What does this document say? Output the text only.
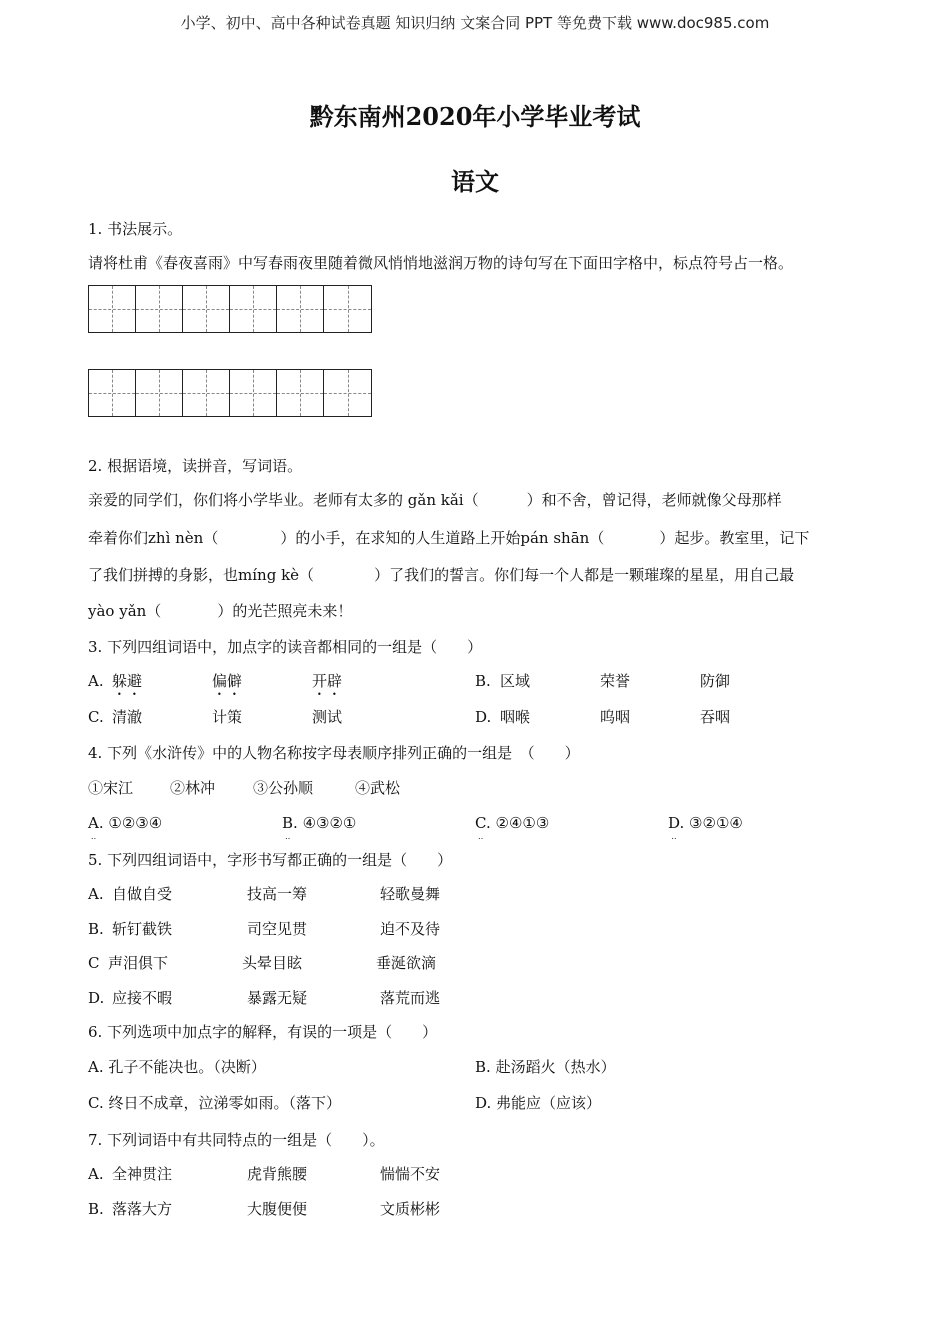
小学、初中、高中各种试卷真题 知识归纳 文案合同 PPT 等免费下载 www.doc985.com
黔东南州2020年小学毕业考试
语文
1. 书法展示。
请将杜甫《春夜喜雨》中写春雨夜里随着微风悄悄地滋润万物的诗句写在下面田字格中，标点符号占一格。
2. 根据语境，读拼音，写词语。
亲爱的同学们，你们将小学毕业。老师有太多的 gǎn kǎi（	）和不舍，曾记得，老师就像父母那样
牵着你们zhì nèn（	）的小手，在求知的人生道路上开始pán shān（	）起步。教室里，记下
了我们拼搏的身影，也míng kè（	）了我们的誓言。你们每一个人都是一颗璀璨的星星，用自己最
yào yǎn（	）的光芒照亮未来！
3. 下列四组词语中，加点字的读音都相同的一组是（　　）
A. 躲避	偏僻	开辟	B. 区域	荣誉	防御
C. 清澈	计策	测试	D. 咽喉	呜咽	吞咽
4. 下列《水浒传》中的人物名称按字母表顺序排列正确的一组是　（　　）
①宋江 ②林冲	③公孙顺	④武松
A. ①②③④	B. ④③②①	C. ②④①③	D. ③②①④
5. 下列四组词语中，字形书写都正确的一组是（　　）
A. 自做自受	技高一筹	轻歌曼舞
B. 斩钉截铁	司空见贯	迫不及待
C 声泪俱下	头晕目眩	垂涎欲滴
D. 应接不暇	暴露无疑	落荒而逃
6. 下列选项中加点字的解释，有误的一项是（　　）
A. 孔子不能决也。（决断）	B. 赴汤蹈火（热水）
C. 终日不成章，泣涕零如雨。（落下）	D. 弗能应（应该）
7. 下列词语中有共同特点的一组是（　　）。
A. 全神贯注	虎背熊腰	惴惴不安
B. 落落大方	大腹便便	文质彬彬
